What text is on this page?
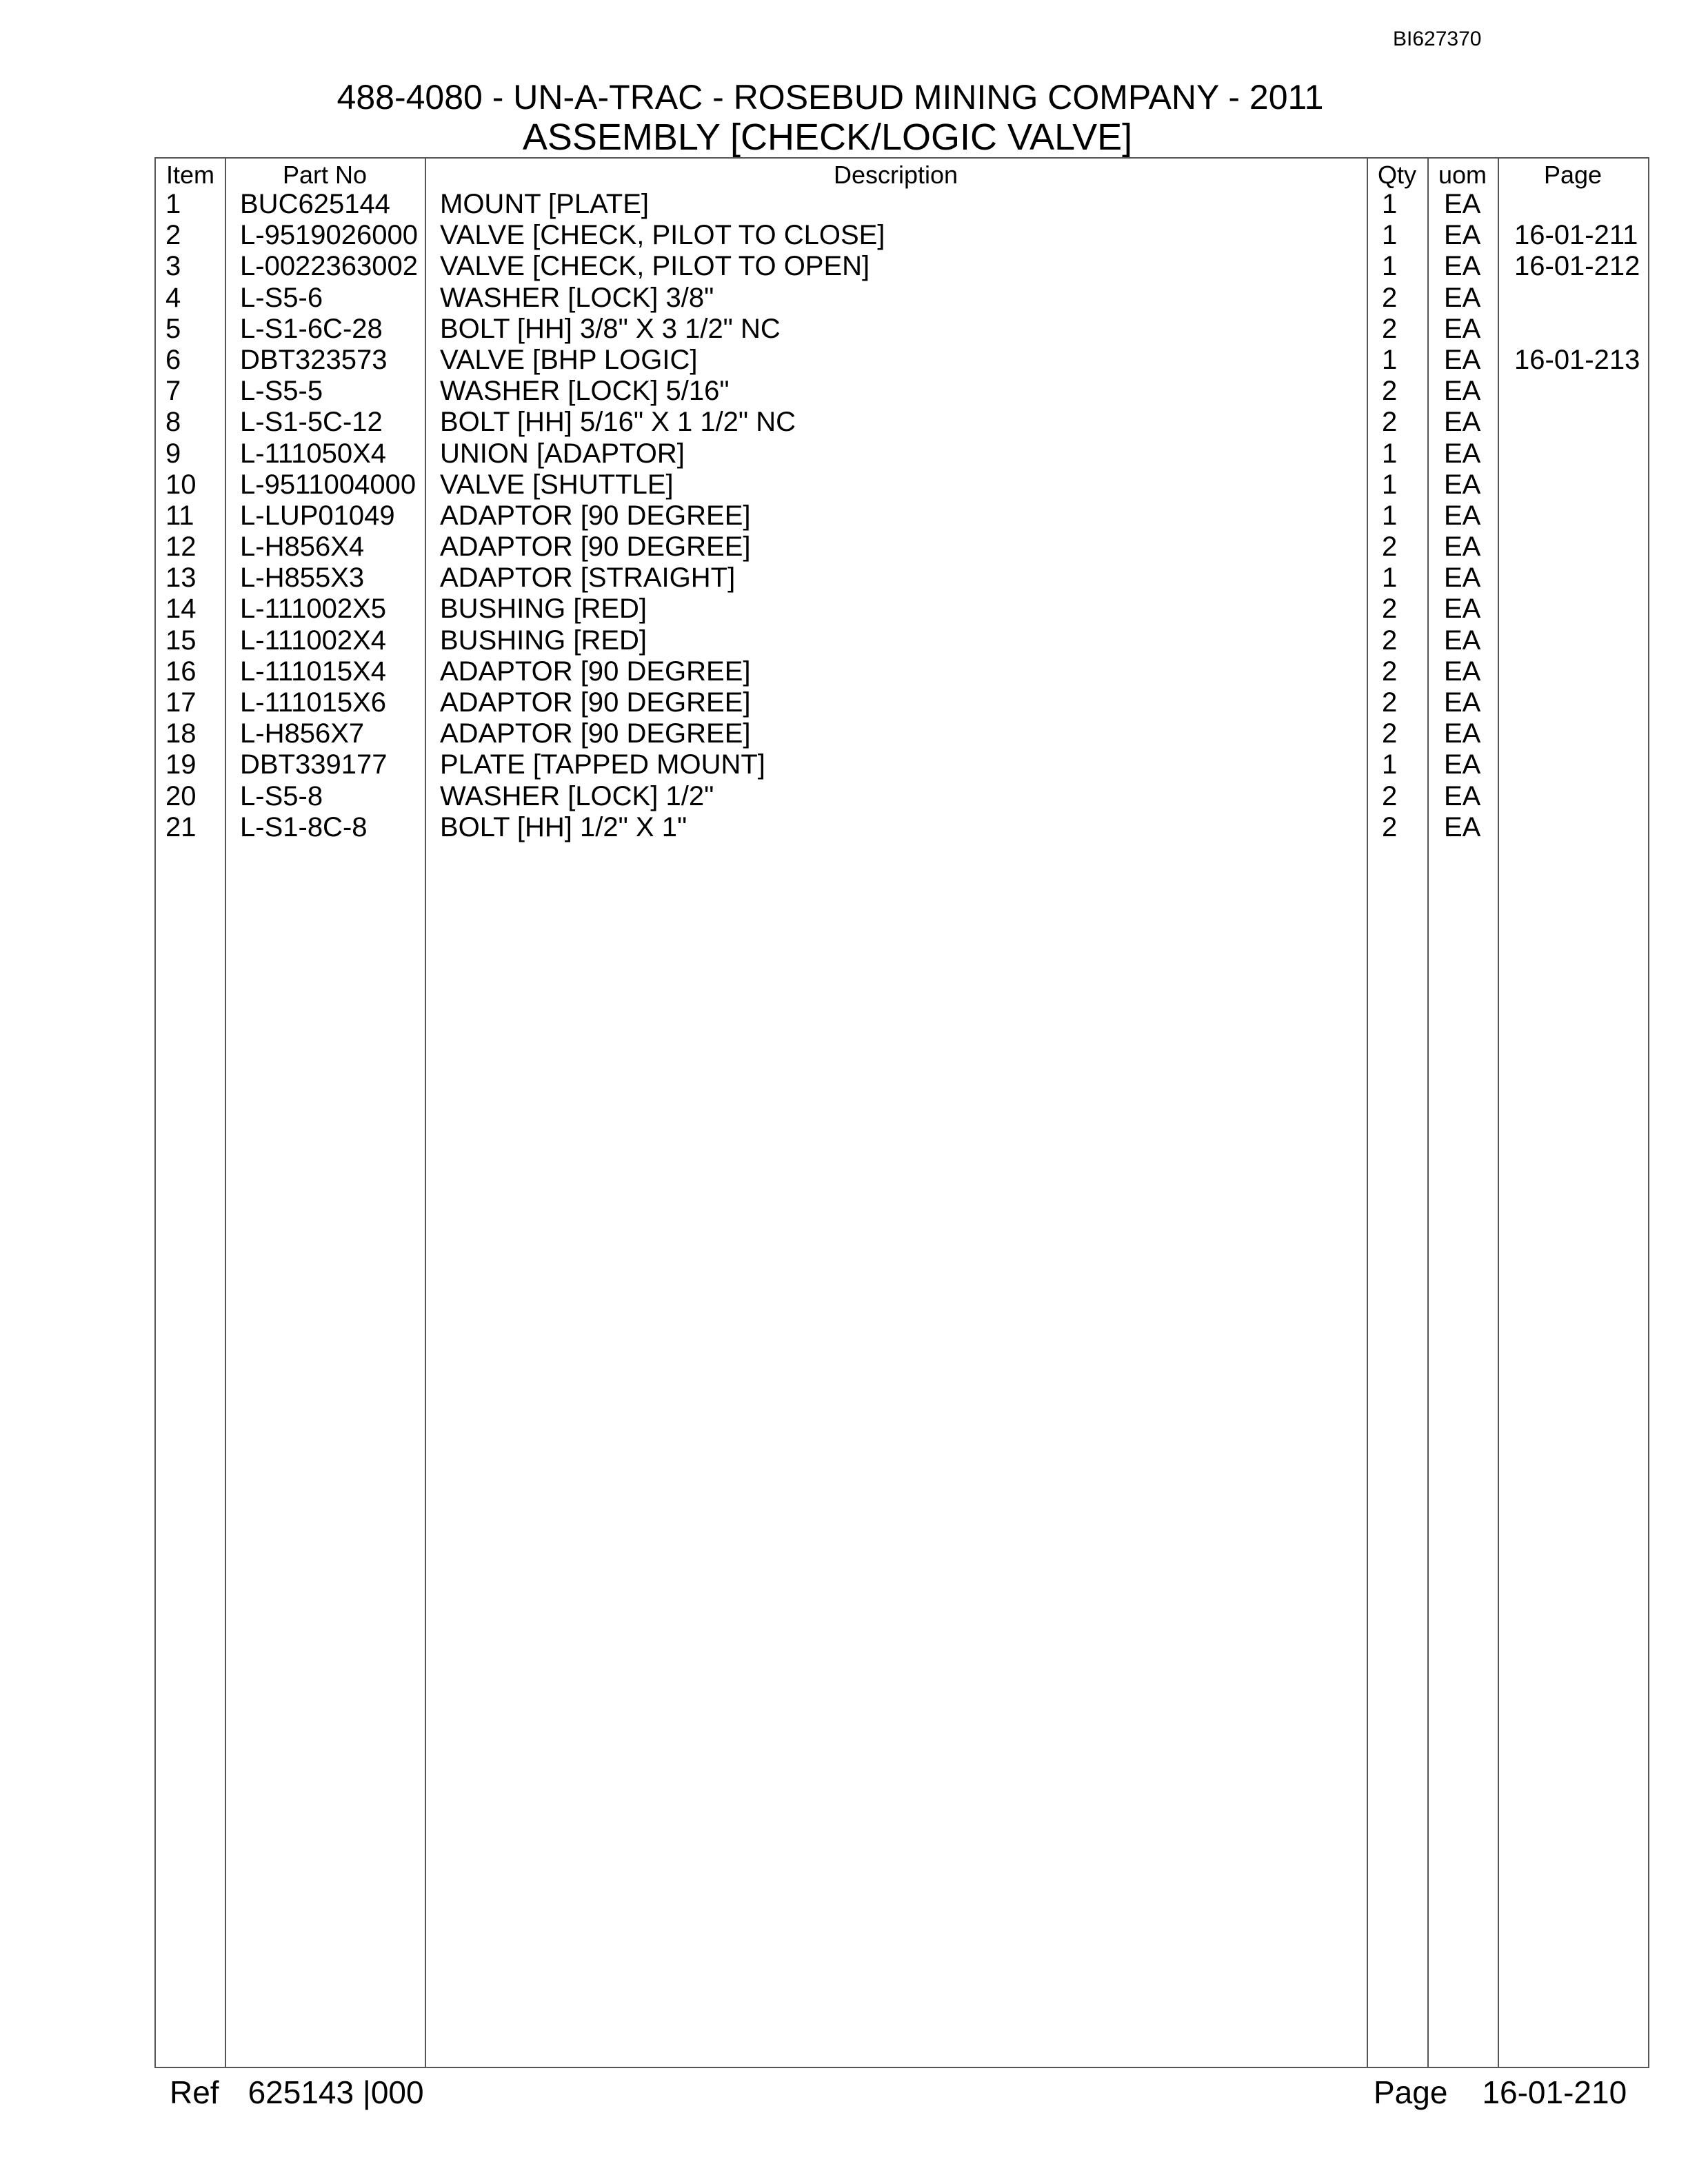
BI627370
488-4080 - UN-A-TRAC - ROSEBUD MINING COMPANY - 2011
ASSEMBLY [CHECK/LOGIC VALVE]
Item	Part No	Description	Qty uom	Page
1 BUC625144 MOUNT [PLATE]	1 EA
2 L-9519026000 VALVE [CHECK, PILOT TO CLOSE]	1 EA 16-01-211
3 L-0022363002 VALVE [CHECK, PILOT TO OPEN]	1 EA 16-01-212
4 L-S5-6	WASHER [LOCK] 3/8"	2 EA
5 L-S1-6C-28 BOLT [HH] 3/8" X 3 1/2" NC	2 EA
6 DBT323573 VALVE [BHP LOGIC]	1 EA 16-01-213
7 L-S5-5	WASHER [LOCK] 5/16"	2 EA
8 L-S1-5C-12 BOLT [HH] 5/16" X 1 1/2" NC	2 EA
9 L-111050X4 UNION [ADAPTOR]	1 EA
10 L-9511004000 VALVE [SHUTTLE]	1 EA
11 L-LUP01049 ADAPTOR [90 DEGREE]	1 EA
12 L-H856X4	ADAPTOR [90 DEGREE]	2 EA
13 L-H855X3	ADAPTOR [STRAIGHT]	1 EA
14 L-111002X5 BUSHING [RED]	2 EA
15 L-111002X4 BUSHING [RED]	2 EA
16 L-111015X4 ADAPTOR [90 DEGREE]	2 EA
17 L-111015X6 ADAPTOR [90 DEGREE]	2 EA
18 L-H856X7	ADAPTOR [90 DEGREE]	2 EA
19 DBT339177 PLATE [TAPPED MOUNT]	1 EA
20 L-S5-8	WASHER [LOCK] 1/2"	2 EA
21 L-S1-8C-8	BOLT [HH] 1/2" X 1"	2 EA
Ref 625143 |000	Page 16-01-210
